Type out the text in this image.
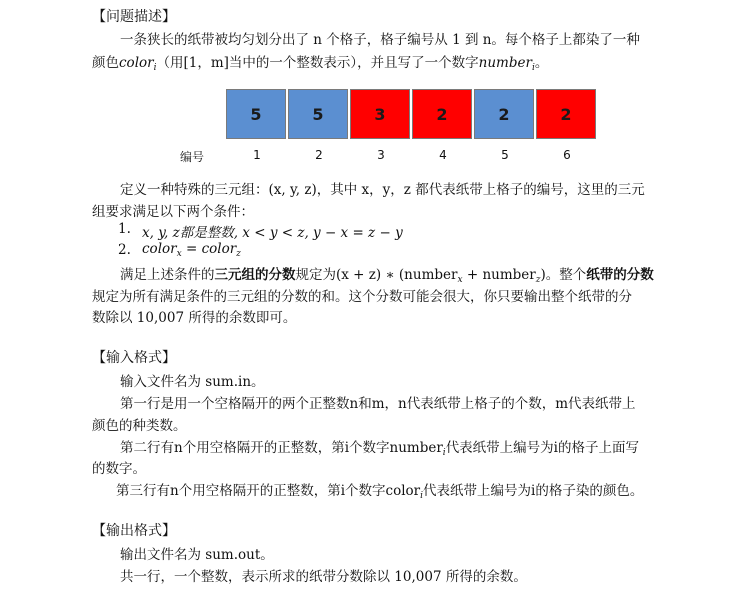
【问题描述】
一条狭长的纸带被均匀划分出了 n 个格子，格子编号从 1 到 n。每个格子上都染了一种
颜色color$_i$（用[1，m]当中的一个整数表示），并且写了一个数字number$_i$。
5	5	3	2	2	2
编号	1	2	3	4	5	6
定义一种特殊的三元组：(x, y, z)，其中 x，y，z 都代表纸带上格子的编号，这里的三元
组要求满足以下两个条件：
1. x, y, z都是整数, x < y < z, y − x = z − y
2. color$_x$ = color$_z$
满足上述条件的三元组的分数规定为(x + z) ∗ (number$_x$ + number$_z$)。整个纸带的分数
规定为所有满足条件的三元组的分数的和。这个分数可能会很大，你只要输出整个纸带的分
数除以 10,007 所得的余数即可。
【输入格式】
输入文件名为 sum.in。
第一行是用一个空格隔开的两个正整数n和m，n代表纸带上格子的个数，m代表纸带上
颜色的种类数。
第二行有n个用空格隔开的正整数，第i个数字number$_i$代表纸带上编号为i的格子上面写
的数字。
第三行有n个用空格隔开的正整数，第i个数字color$_i$代表纸带上编号为i的格子染的颜色。
【输出格式】
输出文件名为 sum.out。
共一行，一个整数，表示所求的纸带分数除以 10,007 所得的余数。
